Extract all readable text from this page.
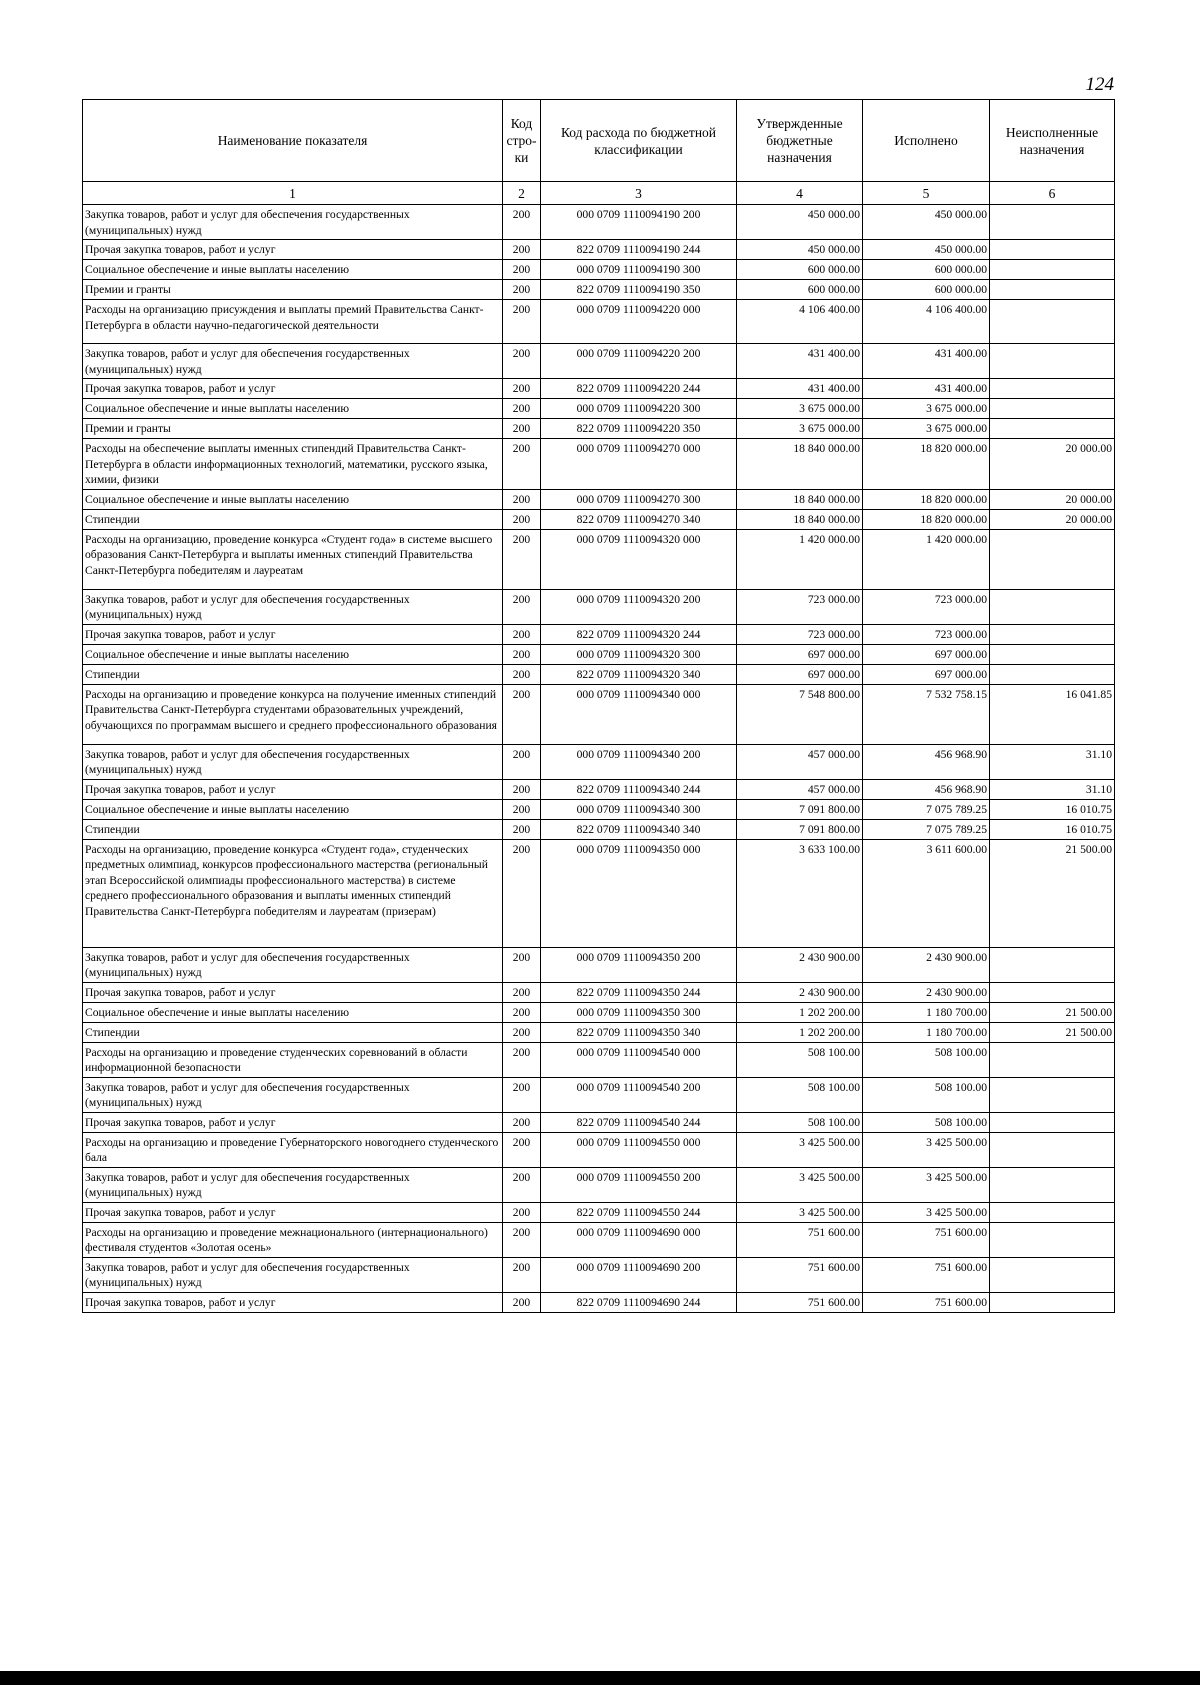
124
Наименование показателя	Код стро- ки	Код расхода по бюджетной классификации	Утвержденные бюджетные назначения	Исполнено	Неисполненные назначения
1	2	3	4	5	6
Закупка товаров, работ и услуг для обеспечения государственных (муниципальных) нужд	200	000 0709 1110094190 200	450 000.00	450 000.00	
Прочая закупка товаров, работ и услуг	200	822 0709 1110094190 244	450 000.00	450 000.00	
Социальное обеспечение и иные выплаты населению	200	000 0709 1110094190 300	600 000.00	600 000.00	
Премии и гранты	200	822 0709 1110094190 350	600 000.00	600 000.00	
Расходы на организацию присуждения и выплаты премий Правительства Санкт-Петербурга в области научно-педагогической деятельности	200	000 0709 1110094220 000	4 106 400.00	4 106 400.00	
Закупка товаров, работ и услуг для обеспечения государственных (муниципальных) нужд	200	000 0709 1110094220 200	431 400.00	431 400.00	
Прочая закупка товаров, работ и услуг	200	822 0709 1110094220 244	431 400.00	431 400.00	
Социальное обеспечение и иные выплаты населению	200	000 0709 1110094220 300	3 675 000.00	3 675 000.00	
Премии и гранты	200	822 0709 1110094220 350	3 675 000.00	3 675 000.00	
Расходы на обеспечение выплаты именных стипендий Правительства Санкт-Петербурга в области информационных технологий, математики, русского языка, химии, физики	200	000 0709 1110094270 000	18 840 000.00	18 820 000.00	20 000.00
Социальное обеспечение и иные выплаты населению	200	000 0709 1110094270 300	18 840 000.00	18 820 000.00	20 000.00
Стипендии	200	822 0709 1110094270 340	18 840 000.00	18 820 000.00	20 000.00
Расходы на организацию, проведение конкурса «Студент года» в системе высшего образования Санкт-Петербурга и выплаты именных стипендий Правительства Санкт-Петербурга победителям и лауреатам	200	000 0709 1110094320 000	1 420 000.00	1 420 000.00	
Закупка товаров, работ и услуг для обеспечения государственных (муниципальных) нужд	200	000 0709 1110094320 200	723 000.00	723 000.00	
Прочая закупка товаров, работ и услуг	200	822 0709 1110094320 244	723 000.00	723 000.00	
Социальное обеспечение и иные выплаты населению	200	000 0709 1110094320 300	697 000.00	697 000.00	
Стипендии	200	822 0709 1110094320 340	697 000.00	697 000.00	
Расходы на организацию и проведение конкурса на получение именных стипендий Правительства Санкт-Петербурга студентами образовательных учреждений, обучающихся по программам высшего и среднего профессионального образования	200	000 0709 1110094340 000	7 548 800.00	7 532 758.15	16 041.85
Закупка товаров, работ и услуг для обеспечения государственных (муниципальных) нужд	200	000 0709 1110094340 200	457 000.00	456 968.90	31.10
Прочая закупка товаров, работ и услуг	200	822 0709 1110094340 244	457 000.00	456 968.90	31.10
Социальное обеспечение и иные выплаты населению	200	000 0709 1110094340 300	7 091 800.00	7 075 789.25	16 010.75
Стипендии	200	822 0709 1110094340 340	7 091 800.00	7 075 789.25	16 010.75
Расходы на организацию, проведение конкурса «Студент года», студенческих предметных олимпиад, конкурсов профессионального мастерства (региональный этап Всероссийской олимпиады профессионального мастерства) в системе среднего профессионального образования и выплаты именных стипендий Правительства Санкт-Петербурга победителям и лауреатам (призерам)	200	000 0709 1110094350 000	3 633 100.00	3 611 600.00	21 500.00
Закупка товаров, работ и услуг для обеспечения государственных (муниципальных) нужд	200	000 0709 1110094350 200	2 430 900.00	2 430 900.00	
Прочая закупка товаров, работ и услуг	200	822 0709 1110094350 244	2 430 900.00	2 430 900.00	
Социальное обеспечение и иные выплаты населению	200	000 0709 1110094350 300	1 202 200.00	1 180 700.00	21 500.00
Стипендии	200	822 0709 1110094350 340	1 202 200.00	1 180 700.00	21 500.00
Расходы на организацию и проведение студенческих соревнований в области информационной безопасности	200	000 0709 1110094540 000	508 100.00	508 100.00	
Закупка товаров, работ и услуг для обеспечения государственных (муниципальных) нужд	200	000 0709 1110094540 200	508 100.00	508 100.00	
Прочая закупка товаров, работ и услуг	200	822 0709 1110094540 244	508 100.00	508 100.00	
Расходы на организацию и проведение Губернаторского новогоднего студенческого бала	200	000 0709 1110094550 000	3 425 500.00	3 425 500.00	
Закупка товаров, работ и услуг для обеспечения государственных (муниципальных) нужд	200	000 0709 1110094550 200	3 425 500.00	3 425 500.00	
Прочая закупка товаров, работ и услуг	200	822 0709 1110094550 244	3 425 500.00	3 425 500.00	
Расходы на организацию и проведение межнационального (интернационального) фестиваля студентов «Золотая осень»	200	000 0709 1110094690 000	751 600.00	751 600.00	
Закупка товаров, работ и услуг для обеспечения государственных (муниципальных) нужд	200	000 0709 1110094690 200	751 600.00	751 600.00	
Прочая закупка товаров, работ и услуг	200	822 0709 1110094690 244	751 600.00	751 600.00	
